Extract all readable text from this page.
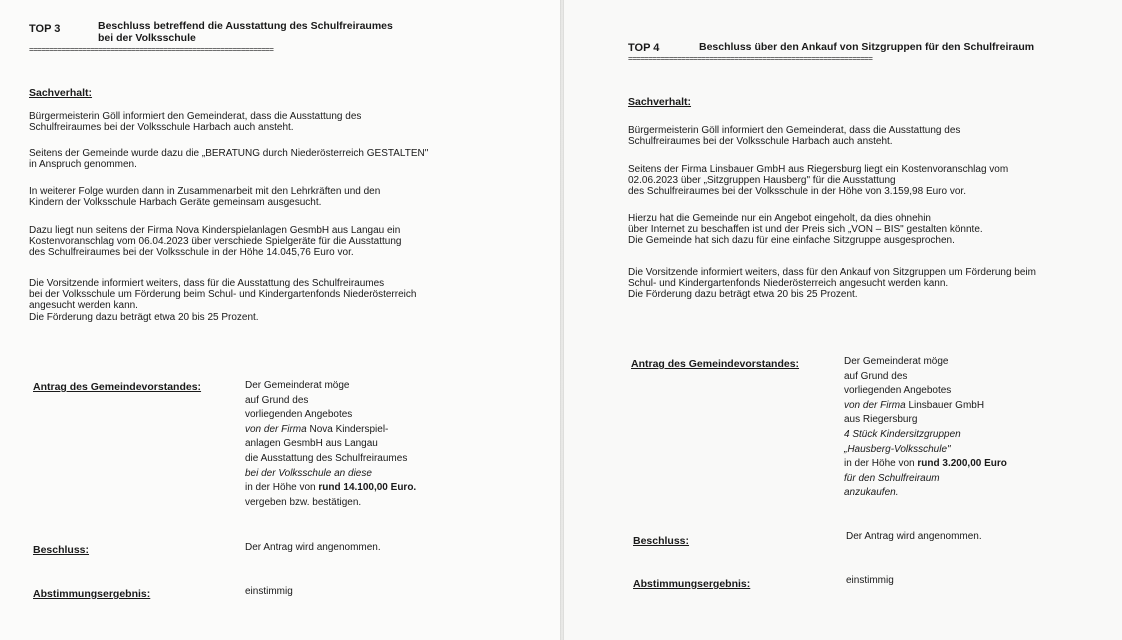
TOP 3	Beschluss betreffend die Ausstattung des Schulfreiraumes
bei der Volksschule
============================================================
Sachverhalt:
Bürgermeisterin Göll informiert den Gemeinderat, dass die Ausstattung des
Schulfreiraumes bei der Volksschule Harbach auch ansteht.
Seitens der Gemeinde wurde dazu die „BERATUNG durch Niederösterreich GESTALTEN"
in Anspruch genommen.
In weiterer Folge wurden dann in Zusammenarbeit mit den Lehrkräften und den
Kindern der Volksschule Harbach Geräte gemeinsam ausgesucht.
Dazu liegt nun seitens der Firma Nova Kinderspielanlagen GesmbH aus Langau ein
Kostenvoranschlag vom 06.04.2023 über verschiede Spielgeräte für die Ausstattung
des Schulfreiraumes bei der Volksschule in der Höhe 14.045,76 Euro vor.
Die Vorsitzende informiert weiters, dass für die Ausstattung des Schulfreiraumes
bei der Volksschule um Förderung beim Schul- und Kindergartenfonds Niederösterreich
angesucht werden kann.
Die Förderung dazu beträgt etwa 20 bis 25 Prozent.
Antrag des Gemeindevorstandes:	Der Gemeinderat möge
auf Grund des
vorliegenden Angebotes
von der Firma Nova Kinderspiel-
anlagen GesmbH aus Langau
die Ausstattung des Schulfreiraumes
bei der Volksschule an diese
in der Höhe von rund 14.100,00 Euro.
vergeben bzw. bestätigen.
Beschluss:	Der Antrag wird angenommen.
Abstimmungsergebnis:	einstimmig
TOP 4	Beschluss über den Ankauf von Sitzgruppen für den Schulfreiraum
============================================================
Sachverhalt:
Bürgermeisterin Göll informiert den Gemeinderat, dass die Ausstattung des
Schulfreiraumes bei der Volksschule Harbach auch ansteht.
Seitens der Firma Linsbauer GmbH aus Riegersburg liegt ein Kostenvoranschlag vom
02.06.2023 über „Sitzgruppen Hausberg" für die Ausstattung
des Schulfreiraumes bei der Volksschule in der Höhe von 3.159,98 Euro vor.
Hierzu hat die Gemeinde nur ein Angebot eingeholt, da dies ohnehin
über Internet zu beschaffen ist und der Preis sich „VON – BIS" gestalten könnte.
Die Gemeinde hat sich dazu für eine einfache Sitzgruppe ausgesprochen.
Die Vorsitzende informiert weiters, dass für den Ankauf von Sitzgruppen um Förderung beim
Schul- und Kindergartenfonds Niederösterreich angesucht werden kann.
Die Förderung dazu beträgt etwa 20 bis 25 Prozent.
Antrag des Gemeindevorstandes:	Der Gemeinderat möge
auf Grund des
vorliegenden Angebotes
von der Firma Linsbauer GmbH
aus Riegersburg
4 Stück Kindersitzgruppen
„Hausberg-Volksschule"
in der Höhe von rund 3.200,00 Euro
für den Schulfreiraum
anzukaufen.
Beschluss:	Der Antrag wird angenommen.
Abstimmungsergebnis:	einstimmig
